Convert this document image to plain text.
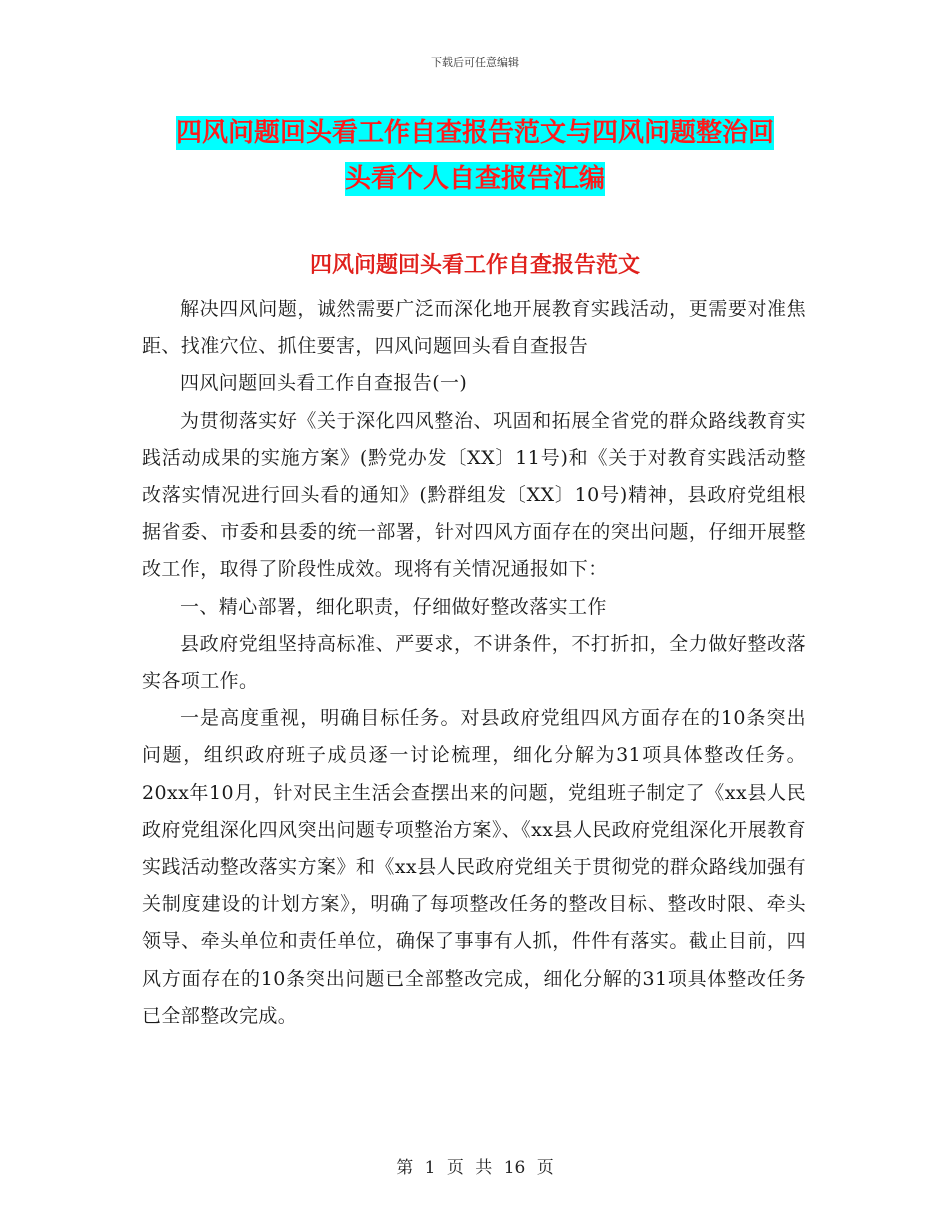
下载后可任意编辑
四风问题回头看工作自查报告范文与四风问题整治回
头看个人自查报告汇编
四风问题回头看工作自查报告范文

解决四风问题，诚然需要广泛而深化地开展教育实践活动，更需要对准焦距、找准穴位、抓住要害，四风问题回头看自查报告

四风问题回头看工作自查报告(一)

为贯彻落实好《关于深化四风整治、巩固和拓展全省党的群众路线教育实践活动成果的实施方案》(黔党办发〔XX〕11号)和《关于对教育实践活动整改落实情况进行回头看的通知》(黔群组发〔XX〕10号)精神，县政府党组根据省委、市委和县委的统一部署，针对四风方面存在的突出问题，仔细开展整改工作，取得了阶段性成效。现将有关情况通报如下：

一、精心部署，细化职责，仔细做好整改落实工作

县政府党组坚持高标准、严要求，不讲条件，不打折扣，全力做好整改落实各项工作。

一是高度重视，明确目标任务。对县政府党组四风方面存在的10条突出问题，组织政府班子成员逐一讨论梳理，细化分解为31项具体整改任务。20xx年10月，针对民主生活会查摆出来的问题，党组班子制定了《xx县人民政府党组深化四风突出问题专项整治方案》、《xx县人民政府党组深化开展教育实践活动整改落实方案》和《xx县人民政府党组关于贯彻党的群众路线加强有关制度建设的计划方案》，明确了每项整改任务的整改目标、整改时限、牵头领导、牵头单位和责任单位，确保了事事有人抓，件件有落实。截止目前，四风方面存在的10条突出问题已全部整改完成，细化分解的31项具体整改任务已全部整改完成。

第 1 页 共 16 页
